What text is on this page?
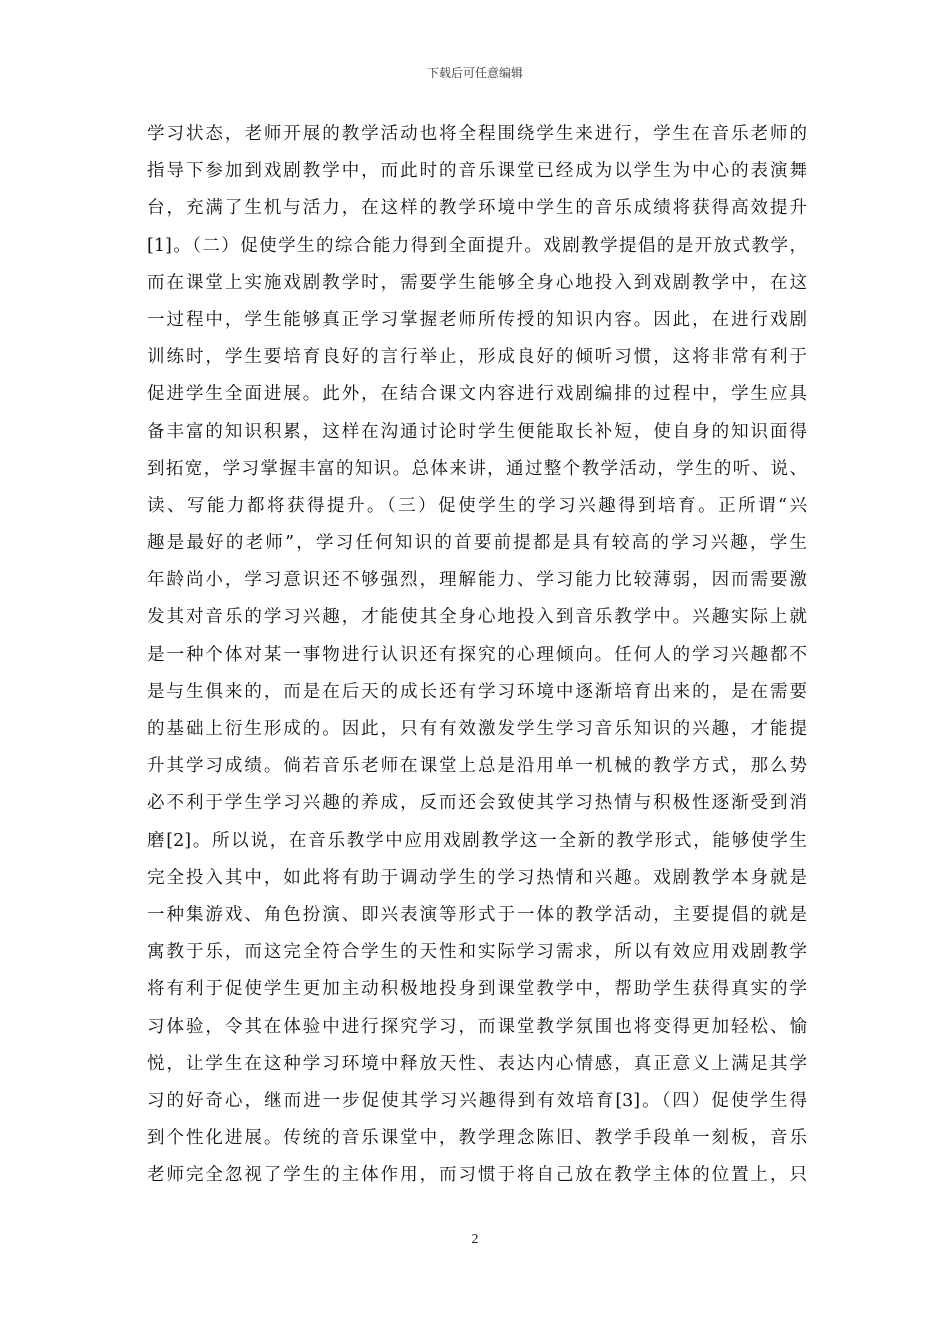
下载后可任意编辑
学习状态，老师开展的教学活动也将全程围绕学生来进行，学生在音乐老师的
指导下参加到戏剧教学中，而此时的音乐课堂已经成为以学生为中心的表演舞
台，充满了生机与活力，在这样的教学环境中学生的音乐成绩将获得高效提升
[1]。（二）促使学生的综合能力得到全面提升。戏剧教学提倡的是开放式教学，
而在课堂上实施戏剧教学时，需要学生能够全身心地投入到戏剧教学中，在这
一过程中，学生能够真正学习掌握老师所传授的知识内容。因此，在进行戏剧
训练时，学生要培育良好的言行举止，形成良好的倾听习惯，这将非常有利于
促进学生全面进展。此外，在结合课文内容进行戏剧编排的过程中，学生应具
备丰富的知识积累，这样在沟通讨论时学生便能取长补短，使自身的知识面得
到拓宽，学习掌握丰富的知识。总体来讲，通过整个教学活动，学生的听、说、
读、写能力都将获得提升。（三）促使学生的学习兴趣得到培育。正所谓“兴
趣是最好的老师”，学习任何知识的首要前提都是具有较高的学习兴趣，学生
年龄尚小，学习意识还不够强烈，理解能力、学习能力比较薄弱，因而需要激
发其对音乐的学习兴趣，才能使其全身心地投入到音乐教学中。兴趣实际上就
是一种个体对某一事物进行认识还有探究的心理倾向。任何人的学习兴趣都不
是与生俱来的，而是在后天的成长还有学习环境中逐渐培育出来的，是在需要
的基础上衍生形成的。因此，只有有效激发学生学习音乐知识的兴趣，才能提
升其学习成绩。倘若音乐老师在课堂上总是沿用单一机械的教学方式，那么势
必不利于学生学习兴趣的养成，反而还会致使其学习热情与积极性逐渐受到消
磨[2]。所以说，在音乐教学中应用戏剧教学这一全新的教学形式，能够使学生
完全投入其中，如此将有助于调动学生的学习热情和兴趣。戏剧教学本身就是
一种集游戏、角色扮演、即兴表演等形式于一体的教学活动，主要提倡的就是
寓教于乐，而这完全符合学生的天性和实际学习需求，所以有效应用戏剧教学
将有利于促使学生更加主动积极地投身到课堂教学中，帮助学生获得真实的学
习体验，令其在体验中进行探究学习，而课堂教学氛围也将变得更加轻松、愉
悦，让学生在这种学习环境中释放天性、表达内心情感，真正意义上满足其学
习的好奇心，继而进一步促使其学习兴趣得到有效培育[3]。（四）促使学生得
到个性化进展。传统的音乐课堂中，教学理念陈旧、教学手段单一刻板，音乐
老师完全忽视了学生的主体作用，而习惯于将自己放在教学主体的位置上，只
2
